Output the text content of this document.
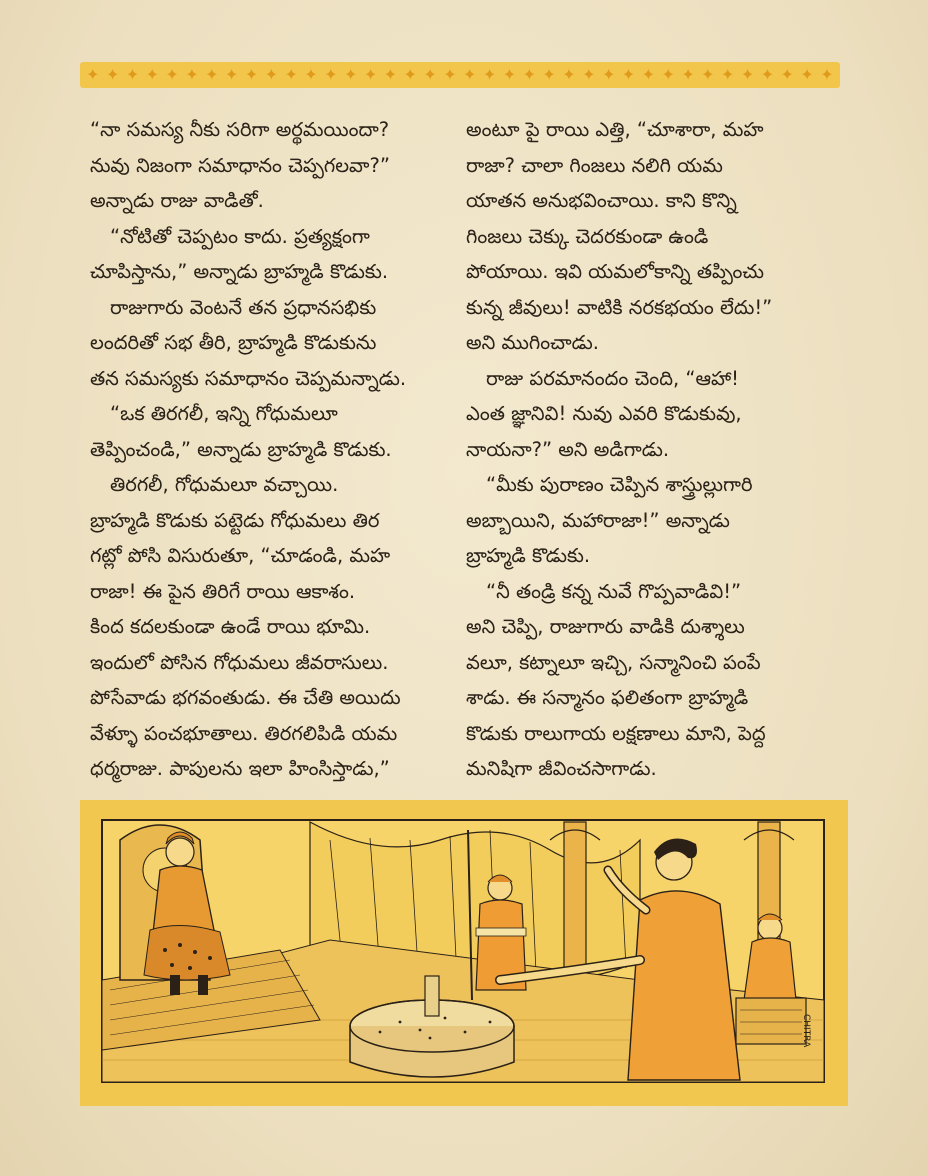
✦ ✦ ✦ ✦ ✦ ✦ ✦ ✦ ✦ ✦ ✦ ✦ ✦ ✦ ✦ ✦ ✦ ✦ ✦ ✦ ✦ ✦ ✦ ✦ ✦ ✦ ✦ ✦ ✦ ✦ ✦ ✦ ✦ ✦ ✦ ✦ ✦ ✦
“నా సమస్య నీకు సరిగా అర్థమయిందా?
నువు నిజంగా సమాధానం చెప్పగలవా?”
అన్నాడు రాజు వాడితో.
“నోటితో చెప్పటం కాదు. ప్రత్యక్షంగా
చూపిస్తాను,” అన్నాడు బ్రాహ్మడి కొడుకు.
రాజుగారు వెంటనే తన ప్రధానసభికు
లందరితో సభ తీరి, బ్రాహ్మడి కొడుకును
తన సమస్యకు సమాధానం చెప్పమన్నాడు.
“ఒక తిరగలీ, ఇన్ని గోధుమలూ
తెప్పించండి,” అన్నాడు బ్రాహ్మడి కొడుకు.
తిరగలీ, గోధుమలూ వచ్చాయి.
బ్రాహ్మడి కొడుకు పట్టెడు గోధుమలు తిర
గట్లో పోసి విసురుతూ, “చూడండి, మహ
రాజా! ఈ పైన తిరిగే రాయి ఆకాశం.
కింద కదలకుండా ఉండే రాయి భూమి.
ఇందులో పోసిన గోధుమలు జీవరాసులు.
పోసేవాడు భగవంతుడు. ఈ చేతి అయిదు
వేళ్ళూ పంచభూతాలు. తిరగలిపిడి యమ
ధర్మరాజు. పాపులను ఇలా హింసిస్తాడు,”
అంటూ పై రాయి ఎత్తి, “చూశారా, మహ
రాజా? చాలా గింజలు నలిగి యమ
యాతన అనుభవించాయి. కాని కొన్ని
గింజలు చెక్కు చెదరకుండా ఉండి
పోయాయి. ఇవి యమలోకాన్ని తప్పించు
కున్న జీవులు! వాటికి నరకభయం లేదు!”
అని ముగించాడు.
రాజు పరమానందం చెంది, “ఆహా!
ఎంత జ్ఞానివి! నువు ఎవరి కొడుకువు,
నాయనా?” అని అడిగాడు.
“మీకు పురాణం చెప్పిన శాస్త్రుల్లుగారి
అబ్బాయిని, మహారాజా!” అన్నాడు
బ్రాహ్మడి కొడుకు.
“నీ తండ్రి కన్న నువే గొప్పవాడివి!”
అని చెప్పి, రాజుగారు వాడికి దుశ్శాలు
వలూ, కట్నాలూ ఇచ్చి, సన్మానించి పంపే
శాడు. ఈ సన్మానం ఫలితంగా బ్రాహ్మడి
కొడుకు రాలుగాయ లక్షణాలు మాని, పెద్ద
మనిషిగా జీవించసాగాడు.
CHITRA
